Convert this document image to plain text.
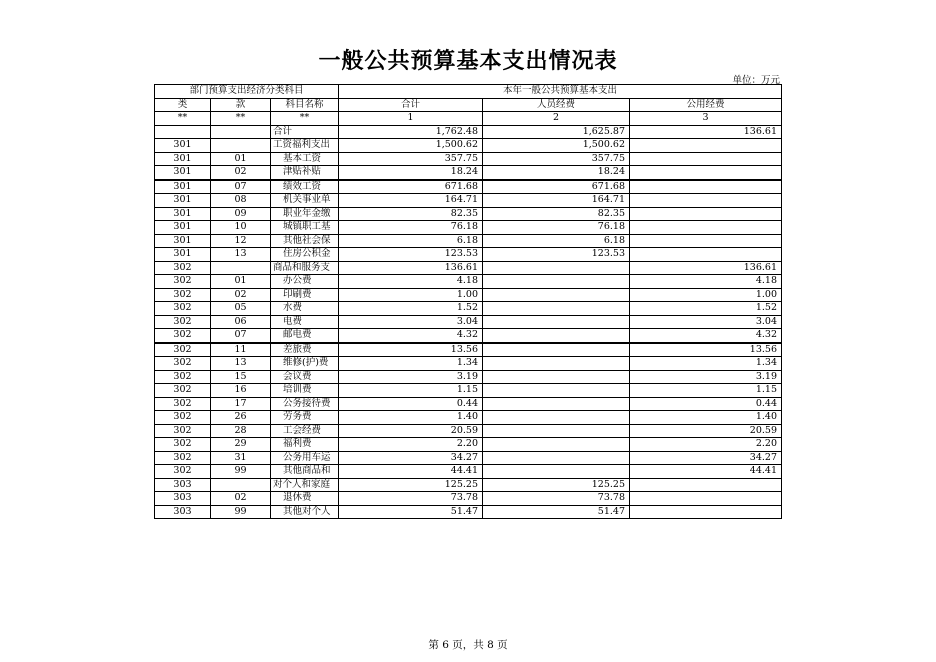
一般公共预算基本支出情况表
单位：万元
部门预算支出经济分类科目			本年一般公共预算基本支出		
类	款	科目名称	合计	人员经费	公用经费
**	**	**	1	2	3
		合计	1,762.48	1,625.87	136.61
301		工资福利支出	1,500.62	1,500.62	
301	01	基本工资	357.75	357.75	
301	02	津贴补贴	18.24	18.24	
301	07	绩效工资	671.68	671.68	
301	08	机关事业单	164.71	164.71	
301	09	职业年金缴	82.35	82.35	
301	10	城镇职工基	76.18	76.18	
301	12	其他社会保	6.18	6.18	
301	13	住房公积金	123.53	123.53	
302		商品和服务支	136.61		136.61
302	01	办公费	4.18		4.18
302	02	印刷费	1.00		1.00
302	05	水费	1.52		1.52
302	06	电费	3.04		3.04
302	07	邮电费	4.32		4.32
302	11	差旅费	13.56		13.56
302	13	维修(护)费	1.34		1.34
302	15	会议费	3.19		3.19
302	16	培训费	1.15		1.15
302	17	公务接待费	0.44		0.44
302	26	劳务费	1.40		1.40
302	28	工会经费	20.59		20.59
302	29	福利费	2.20		2.20
302	31	公务用车运	34.27		34.27
302	99	其他商品和	44.41		44.41
303		对个人和家庭	125.25	125.25	
303	02	退休费	73.78	73.78	
303	99	其他对个人	51.47	51.47	
第 6 页，共 8 页
